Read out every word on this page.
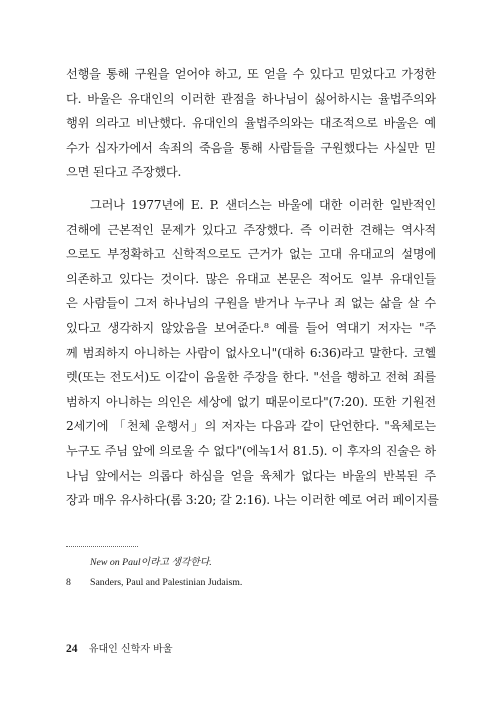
선행을 통해 구원을 얻어야 하고, 또 얻을 수 있다고 믿었다고 가정한
다. 바울은 유대인의 이러한 관점을 하나님이 싫어하시는 율법주의와
행위 의라고 비난했다. 유대인의 율법주의와는 대조적으로 바울은 예
수가 십자가에서 속죄의 죽음을 통해 사람들을 구원했다는 사실만 믿
으면 된다고 주장했다.
그러나 1977년에 E. P. 샌더스는 바울에 대한 이러한 일반적인
견해에 근본적인 문제가 있다고 주장했다. 즉 이러한 견해는 역사적
으로도 부정확하고 신학적으로도 근거가 없는 고대 유대교의 설명에
의존하고 있다는 것이다. 많은 유대교 본문은 적어도 일부 유대인들
은 사람들이 그저 하나님의 구원을 받거나 누구나 죄 없는 삶을 살 수
있다고 생각하지 않았음을 보여준다.⁸ 예를 들어 역대기 저자는 "주
께 범죄하지 아니하는 사람이 없사오니"(대하 6:36)라고 말한다. 코헬
렛(또는 전도서)도 이같이 음울한 주장을 한다. "선을 행하고 전혀 죄를
범하지 아니하는 의인은 세상에 없기 때문이로다"(7:20). 또한 기원전
2세기에 「천체 운행서」의 저자는 다음과 같이 단언한다. "육체로는
누구도 주님 앞에 의로울 수 없다"(에녹1서 81.5). 이 후자의 진술은 하
나님 앞에서는 의롭다 하심을 얻을 육체가 없다는 바울의 반복된 주
장과 매우 유사하다(롬 3:20; 갈 2:16). 나는 이러한 예로 여러 페이지를
New on Paul이라고 생각한다.
8 Sanders, Paul and Palestinian Judaism.
24 유대인 신학자 바울
